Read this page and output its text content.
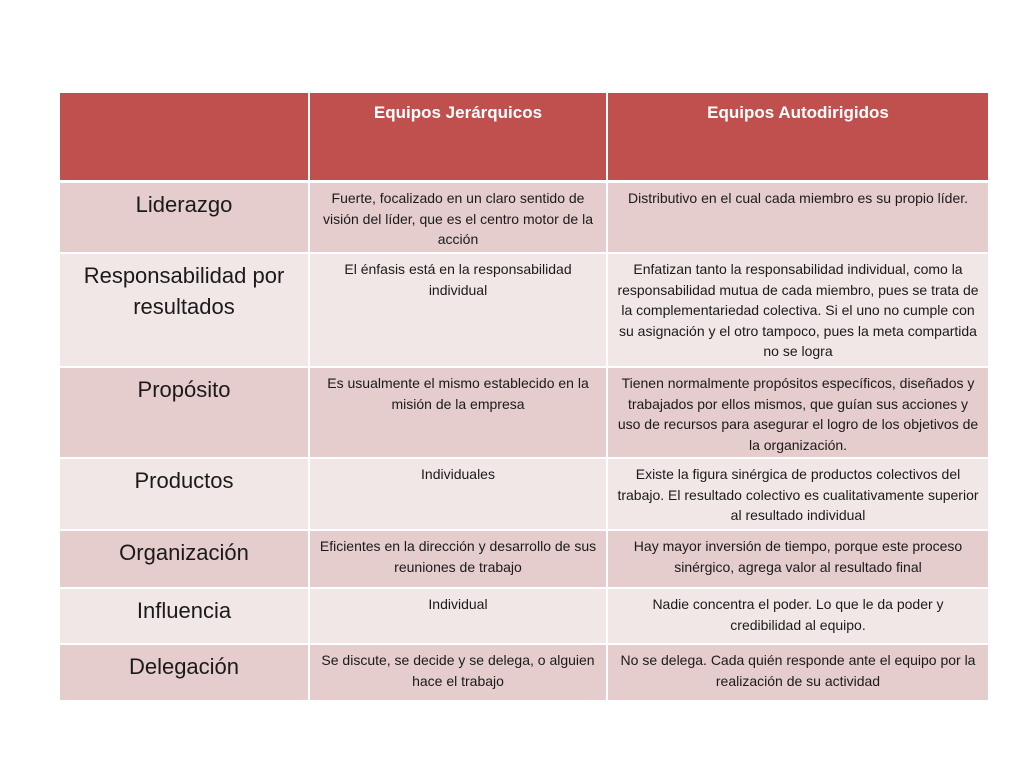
	Equipos Jerárquicos	Equipos Autodirigidos
Liderazgo	Fuerte, focalizado en un claro sentido de visión del líder, que es el centro motor de la acción	Distributivo en el cual cada miembro es su propio líder.
Responsabilidad por resultados	El énfasis está en la responsabilidad individual	Enfatizan tanto la responsabilidad individual, como la responsabilidad mutua de cada miembro, pues se trata de la complementariedad colectiva. Si el uno no cumple con su asignación y el otro tampoco, pues la meta compartida no se logra
Propósito	Es usualmente el mismo establecido en la misión de la empresa	Tienen normalmente propósitos específicos, diseñados y trabajados por ellos mismos, que guían sus acciones y uso de recursos para asegurar el logro de los objetivos de la organización.
Productos	Individuales	Existe la figura sinérgica de productos colectivos del trabajo. El resultado colectivo es cualitativamente superior al resultado individual
Organización	Eficientes en la dirección y desarrollo de sus reuniones de trabajo	Hay mayor inversión de tiempo, porque este proceso sinérgico, agrega valor al resultado final
Influencia	Individual	Nadie concentra el poder. Lo que le da poder y credibilidad al equipo.
Delegación	Se discute, se decide y se delega, o alguien hace el trabajo	No se delega. Cada quién responde ante el equipo por la realización de su actividad
